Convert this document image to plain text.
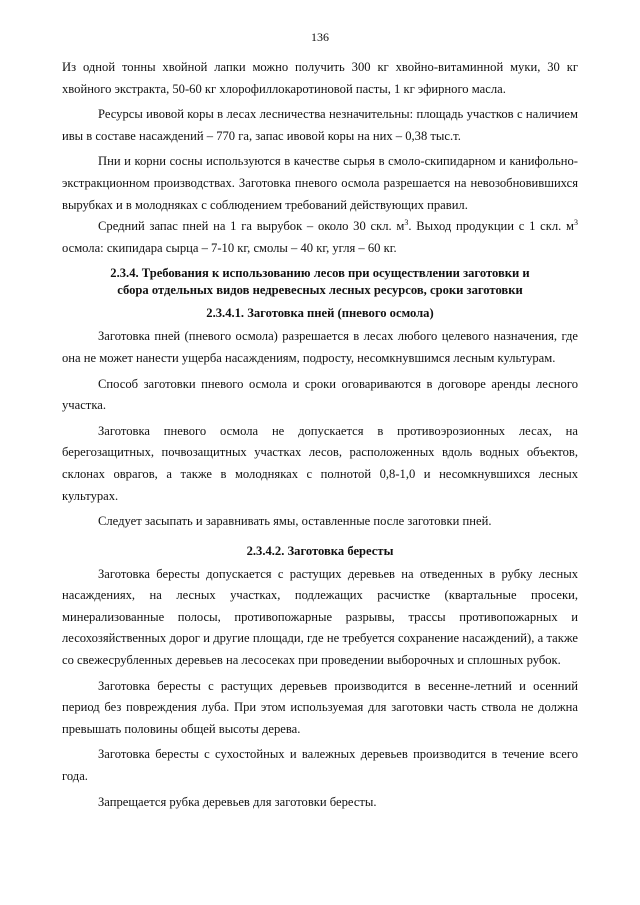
136

Из одной тонны хвойной лапки можно получить 300 кг хвойно-витаминной муки, 30 кг хвойного экстракта, 50-60 кг хлорофиллокаротиновой пасты, 1 кг эфирного масла.

Ресурсы ивовой коры в лесах лесничества незначительны: площадь участков с наличием ивы в составе насаждений – 770 га, запас ивовой коры на них – 0,38 тыс.т.

Пни и корни сосны используются в качестве сырья в смоло-скипидарном и канифольно-экстракционном производствах. Заготовка пневого осмола разрешается на невозобновившихся вырубках и в молодняках с соблюдением требований действующих правил.

Средний запас пней на 1 га вырубок – около 30 скл. $м^3$. Выход продукции с 1 скл. $м^3$ осмола: скипидара сырца – 7-10 кг, смолы – 40 кг, угля – 60 кг.

2.3.4. Требования к использованию лесов при осуществлении заготовки и
сбора отдельных видов недревесных лесных ресурсов, сроки заготовки
2.3.4.1. Заготовка пней (пневого осмола)

Заготовка пней (пневого осмола) разрешается в лесах любого целевого назначения, где она не может нанести ущерба насаждениям, подросту, несомкнувшимся лесным культурам.

Способ заготовки пневого осмола и сроки оговариваются в договоре аренды лесного участка.

Заготовка пневого осмола не допускается в противоэрозионных лесах, на берегозащитных, почвозащитных участках лесов, расположенных вдоль водных объектов, склонах оврагов, а также в молодняках с полнотой 0,8-1,0 и несомкнувшихся лесных культурах.

Следует засыпать и заравнивать ямы, оставленные после заготовки пней.

2.3.4.2. Заготовка бересты

Заготовка бересты допускается с растущих деревьев на отведенных в рубку лесных насаждениях, на лесных участках, подлежащих расчистке (квартальные просеки, минерализованные полосы, противопожарные разрывы, трассы противопожарных и лесохозяйственных дорог и другие площади, где не требуется сохранение насаждений), а также со свежесрубленных деревьев на лесосеках при проведении выборочных и сплошных рубок.

Заготовка бересты с растущих деревьев производится в весенне-летний и осенний период без повреждения луба. При этом используемая для заготовки часть ствола не должна превышать половины общей высоты дерева.

Заготовка бересты с сухостойных и валежных деревьев производится в течение всего года.

Запрещается рубка деревьев для заготовки бересты.
